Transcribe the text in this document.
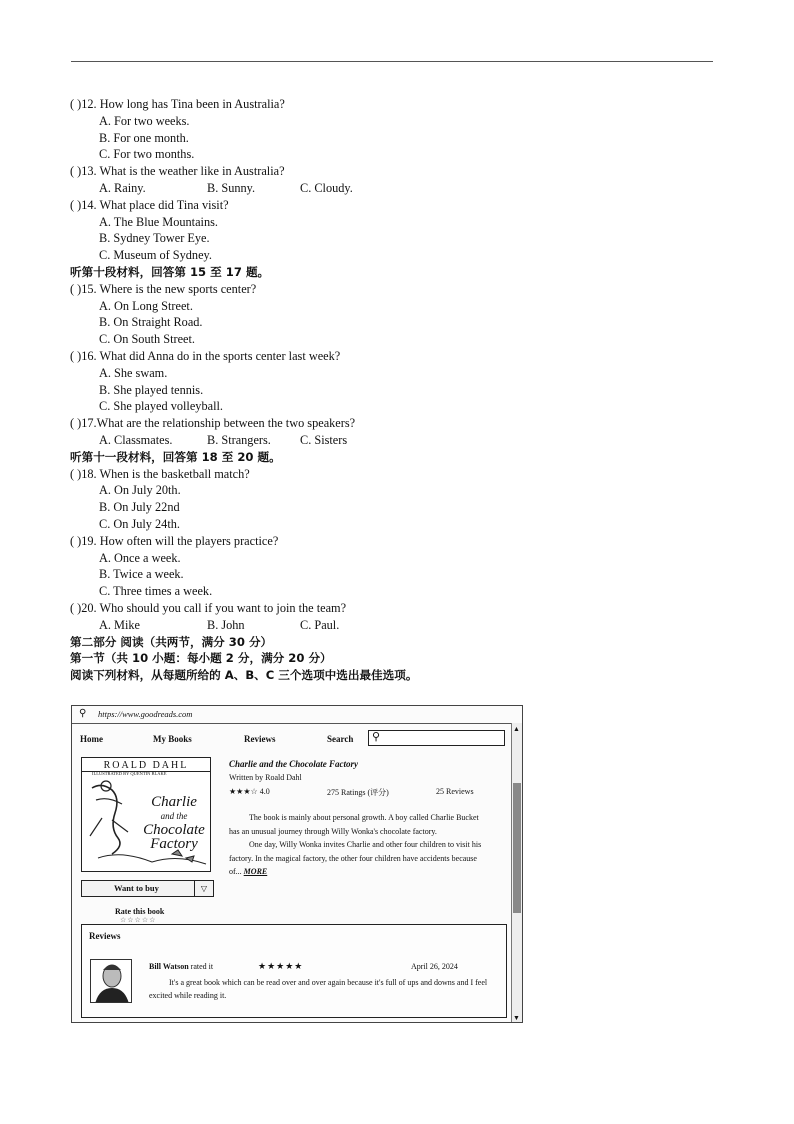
( )12. How long has Tina been in Australia?
A. For two weeks.
B. For one month.
C. For two months.
( )13. What is the weather like in Australia?
A. Rainy.	B. Sunny.	C. Cloudy.
( )14. What place did Tina visit?
A. The Blue Mountains.
B. Sydney Tower Eye.
C. Museum of Sydney.
听第十段材料，回答第 15 至 17 题。
( )15. Where is the new sports center?
A. On Long Street.
B. On Straight Road.
C. On South Street.
( )16. What did Anna do in the sports center last week?
A. She swam.
B. She played tennis.
C. She played volleyball.
( )17.What are the relationship between the two speakers?
A. Classmates.	B. Strangers. C. Sisters
听第十一段材料，回答第 18 至 20 题。
( )18. When is the basketball match?
A. On July 20th.
B. On July 22nd
C. On July 24th.
( )19. How often will the players practice?
A. Once a week.
B. Twice a week.
C. Three times a week.
( )20. Who should you call if you want to join the team?
A. Mike	B. John	C. Paul.
第二部分 阅读（共两节，满分 30 分）
第一节（共 10 小题：每小题 2 分，满分 20 分）
阅读下列材料，从每题所给的 A、B、C 三个选项中选出最佳选项。
⚲ https://www.goodreads.com
Home	My Books	Reviews	Search ⚲
▲
▼
ROALD DAHL
ILLUSTRATED BY QUENTIN BLAKE
Charlie
and the
Chocolate
Factory
Want to buy	▽
Rate this book
☆☆☆☆☆
Charlie and the Chocolate Factory
Written by Roald Dahl
★★★☆ 4.0	275 Ratings (评分)	25 Reviews

The book is mainly about personal growth. A boy called Charlie Bucket has an unusual journey through Willy Wonka's chocolate factory.

One day, Willy Wonka invites Charlie and other four children to visit his factory. In the magical factory, the other four children have accidents because of... MORE

Reviews
Bill Watson rated it	★★★★★	April 26, 2024
It's a great book which can be read over and over again because it's full of ups and downs and I feel excited while reading it.
